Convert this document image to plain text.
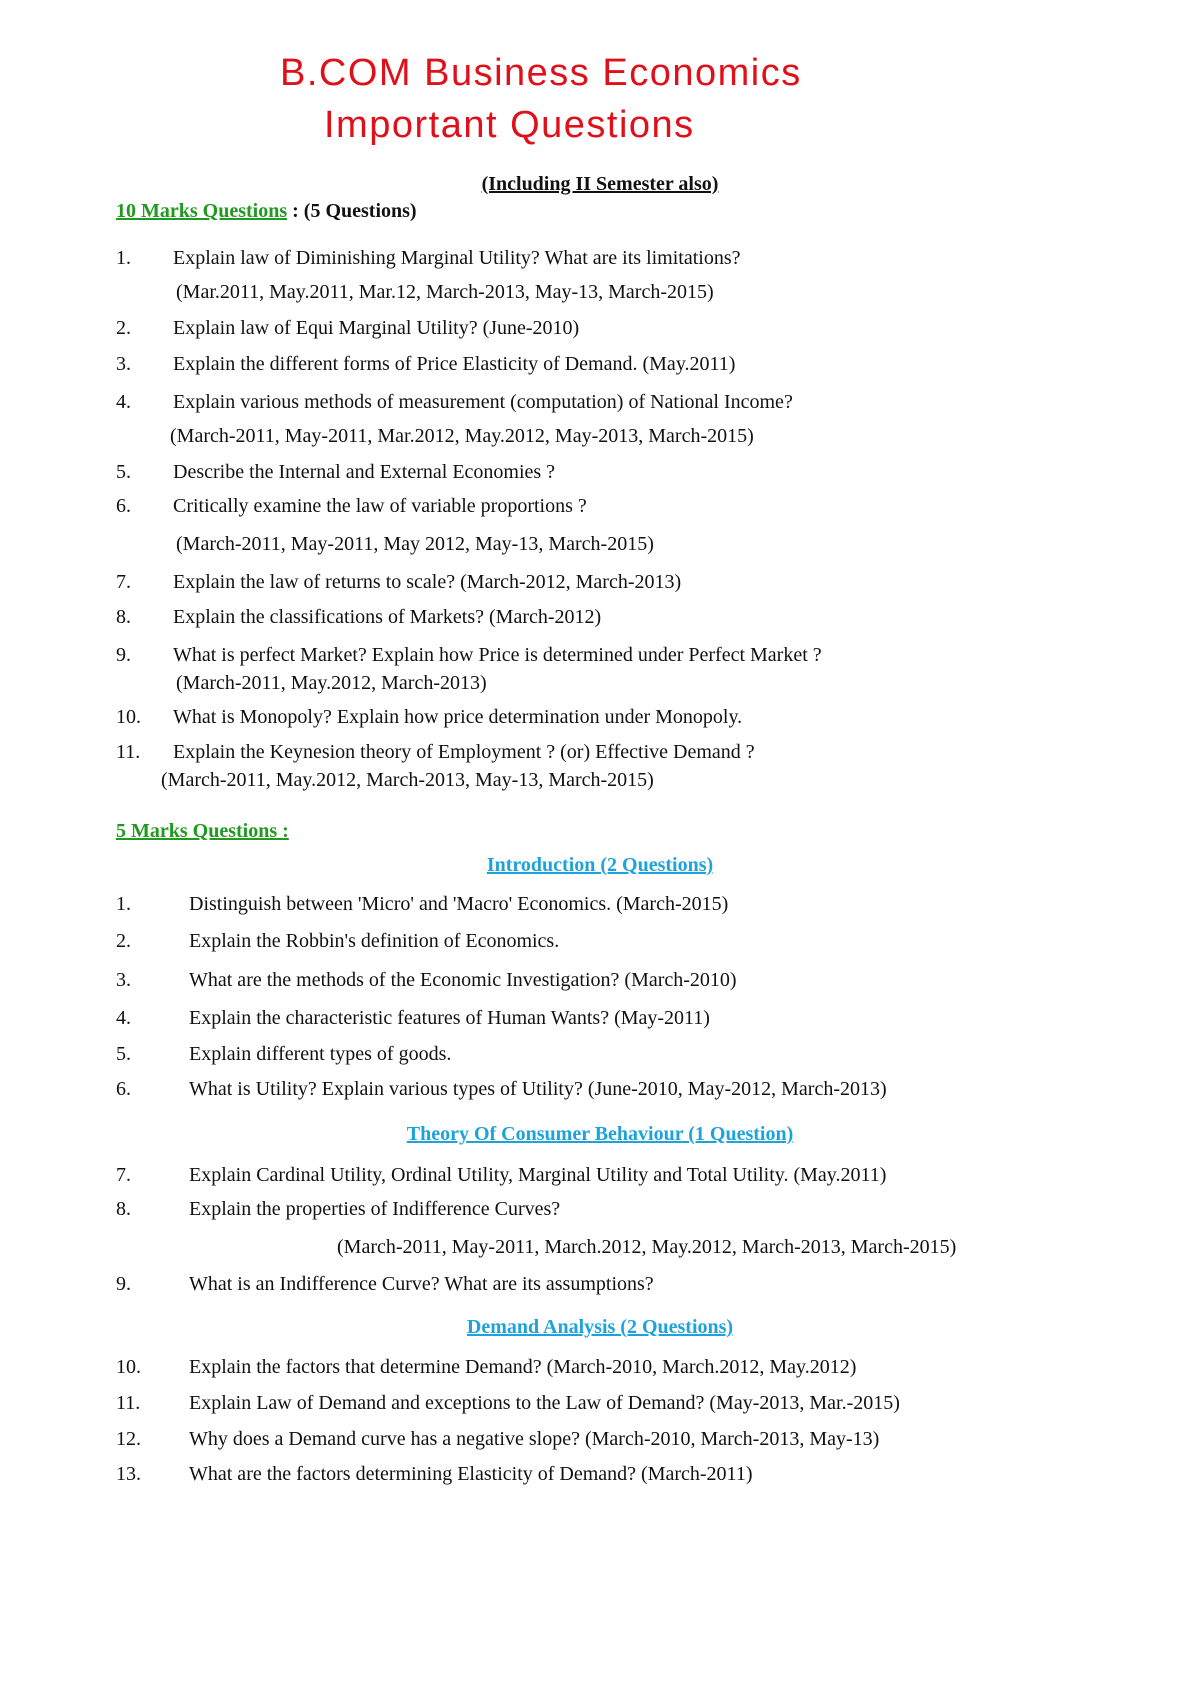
B.COM Business Economics
Important Questions
(Including II Semester also)
10 Marks Questions : (5 Questions)
1. Explain law of Diminishing Marginal Utility? What are its limitations?
(Mar.2011, May.2011, Mar.12, March-2013, May-13, March-2015)
2. Explain law of Equi Marginal Utility? (June-2010)
3. Explain the different forms of Price Elasticity of Demand. (May.2011)
4. Explain various methods of measurement (computation) of National Income?
(March-2011, May-2011, Mar.2012, May.2012, May-2013, March-2015)
5. Describe the Internal and External Economies ?
6. Critically examine the law of variable proportions ?
(March-2011, May-2011, May 2012, May-13, March-2015)
7. Explain the law of returns to scale? (March-2012, March-2013)
8. Explain the classifications of Markets? (March-2012)
9. What is perfect Market? Explain how Price is determined under Perfect Market ?
(March-2011, May.2012, March-2013)
10. What is Monopoly? Explain how price determination under Monopoly.
11. Explain the Keynesion theory of Employment ? (or) Effective Demand ?
(March-2011, May.2012, March-2013, May-13, March-2015)
5 Marks Questions :
Introduction (2 Questions)
1.	Distinguish between 'Micro' and 'Macro' Economics. (March-2015)
2.	Explain the Robbin's definition of Economics.
3.	What are the methods of the Economic Investigation? (March-2010)
4.	Explain the characteristic features of Human Wants? (May-2011)
5.	Explain different types of goods.
6.	What is Utility? Explain various types of Utility? (June-2010, May-2012, March-2013)
Theory Of Consumer Behaviour (1 Question)
7.	Explain Cardinal Utility, Ordinal Utility, Marginal Utility and Total Utility. (May.2011)
8.	Explain the properties of Indifference Curves?
(March-2011, May-2011, March.2012, May.2012, March-2013, March-2015)
9.	What is an Indifference Curve? What are its assumptions?
Demand Analysis (2 Questions)
10. Explain the factors that determine Demand? (March-2010, March.2012, May.2012)
11. Explain Law of Demand and exceptions to the Law of Demand? (May-2013, Mar.-2015)
12. Why does a Demand curve has a negative slope? (March-2010, March-2013, May-13)
13. What are the factors determining Elasticity of Demand? (March-2011)
